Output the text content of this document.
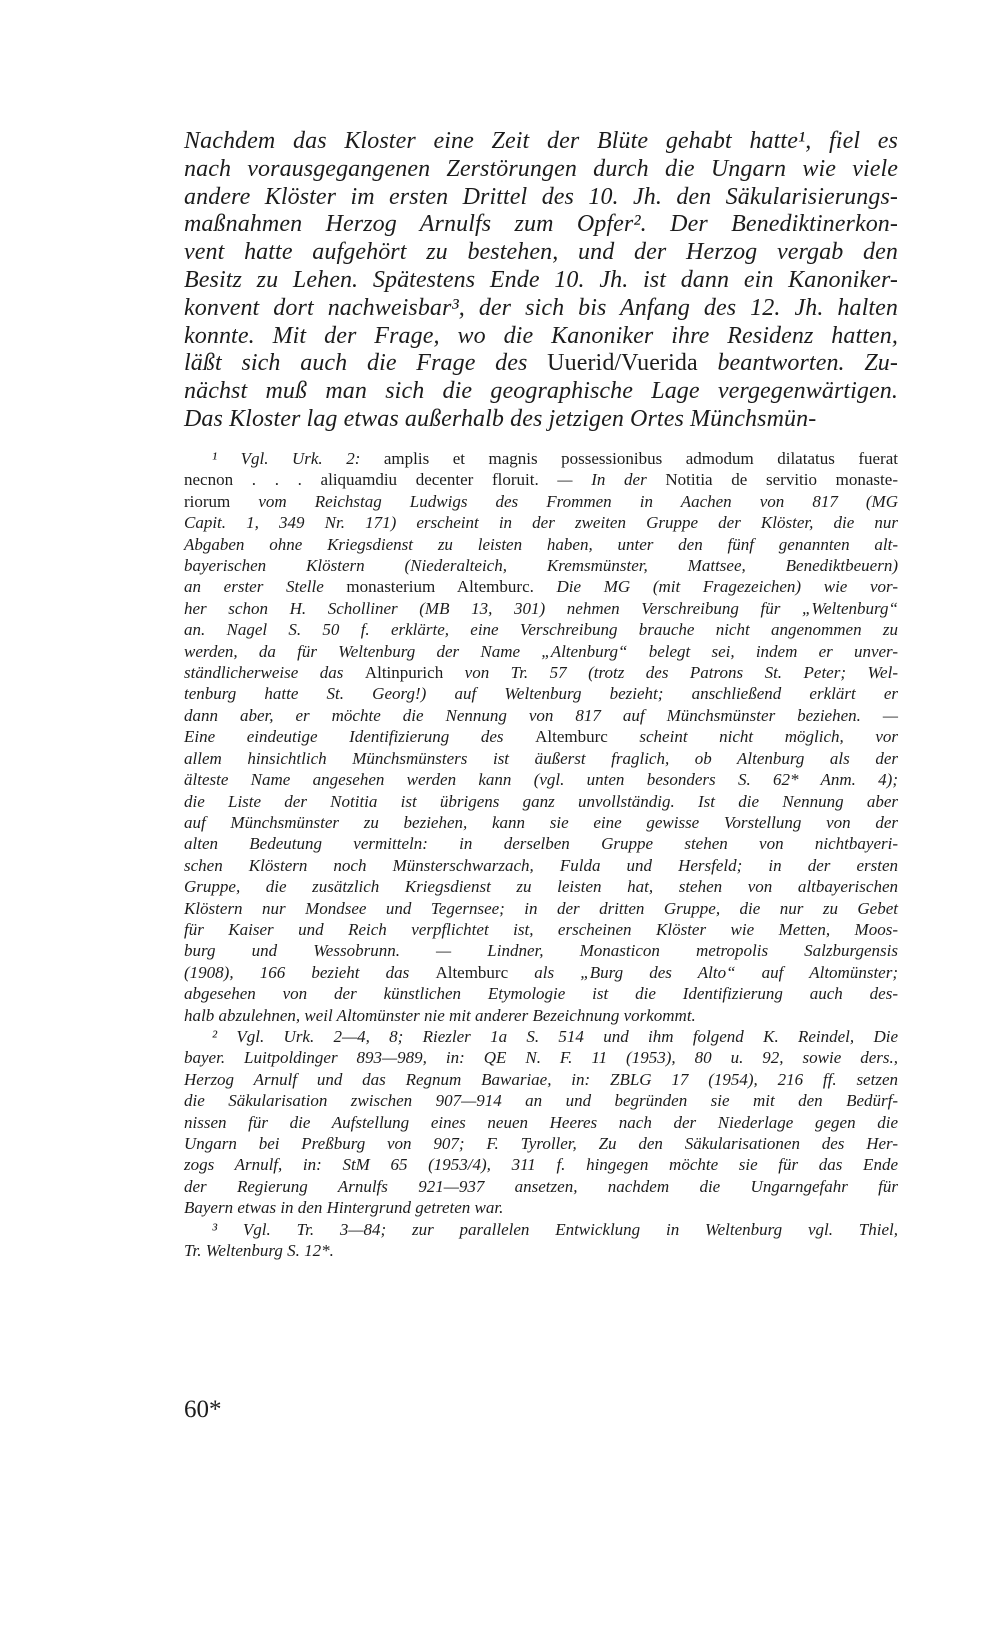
Nachdem das Kloster eine Zeit der Blüte gehabt hatte¹, fiel es
nach vorausgegangenen Zerstörungen durch die Ungarn wie viele
andere Klöster im ersten Drittel des 10. Jh. den Säkularisierungs-
maßnahmen Herzog Arnulfs zum Opfer². Der Benediktinerkon-
vent hatte aufgehört zu bestehen, und der Herzog vergab den
Besitz zu Lehen. Spätestens Ende 10. Jh. ist dann ein Kanoniker-
konvent dort nachweisbar³, der sich bis Anfang des 12. Jh. halten
konnte. Mit der Frage, wo die Kanoniker ihre Residenz hatten,
läßt sich auch die Frage des Uuerid/Vuerida beantworten. Zu-
nächst muß man sich die geographische Lage vergegenwärtigen.
Das Kloster lag etwas außerhalb des jetzigen Ortes Münchsmün-
¹ Vgl. Urk. 2: amplis et magnis possessionibus admodum dilatatus fuerat
necnon . . . aliquamdiu decenter floruit. — In der Notitia de servitio monaste-
riorum vom Reichstag Ludwigs des Frommen in Aachen von 817 (MG
Capit. 1, 349 Nr. 171) erscheint in der zweiten Gruppe der Klöster, die nur
Abgaben ohne Kriegsdienst zu leisten haben, unter den fünf genannten alt-
bayerischen Klöstern (Niederalteich, Kremsmünster, Mattsee, Benediktbeuern)
an erster Stelle monasterium Altemburc. Die MG (mit Fragezeichen) wie vor-
her schon H. Scholliner (MB 13, 301) nehmen Verschreibung für „Weltenburg“
an. Nagel S. 50 f. erklärte, eine Verschreibung brauche nicht angenommen zu
werden, da für Weltenburg der Name „Altenburg“ belegt sei, indem er unver-
ständlicherweise das Altinpurich von Tr. 57 (trotz des Patrons St. Peter; Wel-
tenburg hatte St. Georg!) auf Weltenburg bezieht; anschließend erklärt er
dann aber, er möchte die Nennung von 817 auf Münchsmünster beziehen. —
Eine eindeutige Identifizierung des Altemburc scheint nicht möglich, vor
allem hinsichtlich Münchsmünsters ist äußerst fraglich, ob Altenburg als der
älteste Name angesehen werden kann (vgl. unten besonders S. 62* Anm. 4);
die Liste der Notitia ist übrigens ganz unvollständig. Ist die Nennung aber
auf Münchsmünster zu beziehen, kann sie eine gewisse Vorstellung von der
alten Bedeutung vermitteln: in derselben Gruppe stehen von nichtbayeri-
schen Klöstern noch Münsterschwarzach, Fulda und Hersfeld; in der ersten
Gruppe, die zusätzlich Kriegsdienst zu leisten hat, stehen von altbayerischen
Klöstern nur Mondsee und Tegernsee; in der dritten Gruppe, die nur zu Gebet
für Kaiser und Reich verpflichtet ist, erscheinen Klöster wie Metten, Moos-
burg und Wessobrunn. — Lindner, Monasticon metropolis Salzburgensis
(1908), 166 bezieht das Altemburc als „Burg des Alto“ auf Altomünster;
abgesehen von der künstlichen Etymologie ist die Identifizierung auch des-
halb abzulehnen, weil Altomünster nie mit anderer Bezeichnung vorkommt.
² Vgl. Urk. 2—4, 8; Riezler 1a S. 514 und ihm folgend K. Reindel, Die
bayer. Luitpoldinger 893—989, in: QE N. F. 11 (1953), 80 u. 92, sowie ders.,
Herzog Arnulf und das Regnum Bawariae, in: ZBLG 17 (1954), 216 ff. setzen
die Säkularisation zwischen 907—914 an und begründen sie mit den Bedürf-
nissen für die Aufstellung eines neuen Heeres nach der Niederlage gegen die
Ungarn bei Preßburg von 907; F. Tyroller, Zu den Säkularisationen des Her-
zogs Arnulf, in: StM 65 (1953/4), 311 f. hingegen möchte sie für das Ende
der Regierung Arnulfs 921—937 ansetzen, nachdem die Ungarngefahr für
Bayern etwas in den Hintergrund getreten war.
³ Vgl. Tr. 3—84; zur parallelen Entwicklung in Weltenburg vgl. Thiel,
Tr. Weltenburg S. 12*.
60*
